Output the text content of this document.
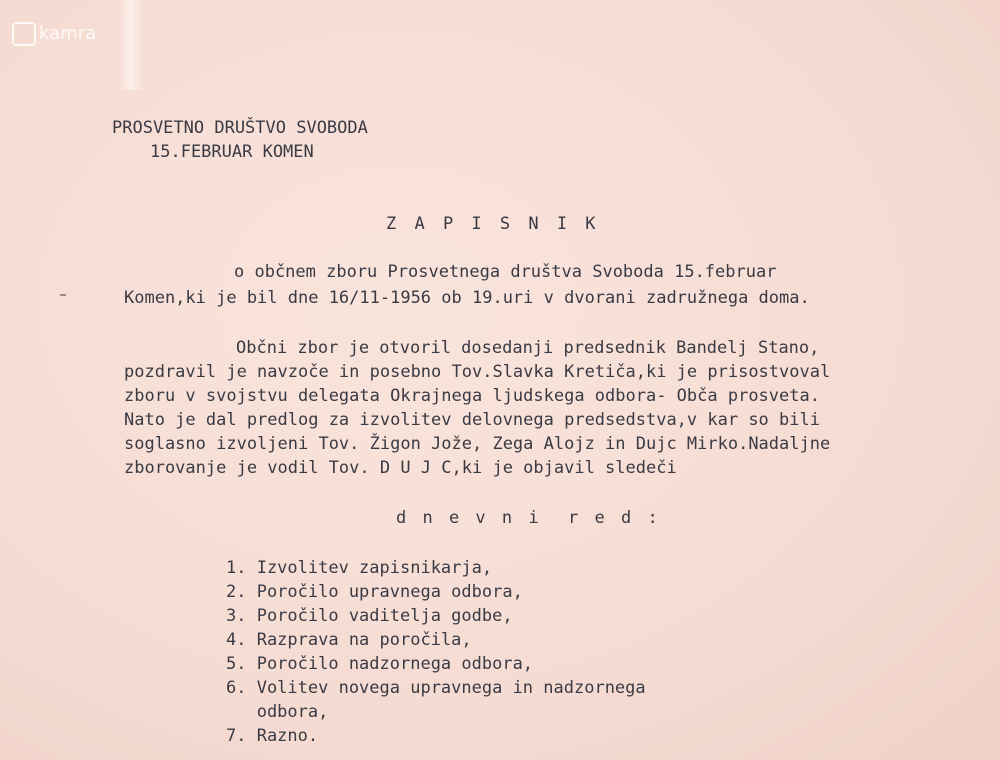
kamra
PROSVETNO DRUŠTVO SVOBODA
15.FEBRUAR KOMEN
Z A P I S N I K
o občnem zboru Prosvetnega društva Svoboda 15.februar
Komen,ki je bil dne 16/11-1956 ob 19.uri v dvorani zadružnega doma.
Občni zbor je otvoril dosedanji predsednik Bandelj Stano,
pozdravil je navzoče in posebno Tov.Slavka Kretiča,ki je prisostvoval
zboru v svojstvu delegata Okrajnega ljudskega odbora- Obča prosveta.
Nato je dal predlog za izvolitev delovnega predsedstva,v kar so bili
soglasno izvoljeni Tov. Žigon Jože, Zega Alojz in Dujc Mirko.Nadaljne
zborovanje je vodil Tov. D U J C,ki je objavil sledeči
d n e v n i  r e d :
1. Izvolitev zapisnikarja,
2. Poročilo upravnega odbora,
3. Poročilo vaditelja godbe,
4. Razprava na poročila,
5. Poročilo nadzornega odbora,
6. Volitev novega upravnega in nadzornega
odbora,
7. Razno.
